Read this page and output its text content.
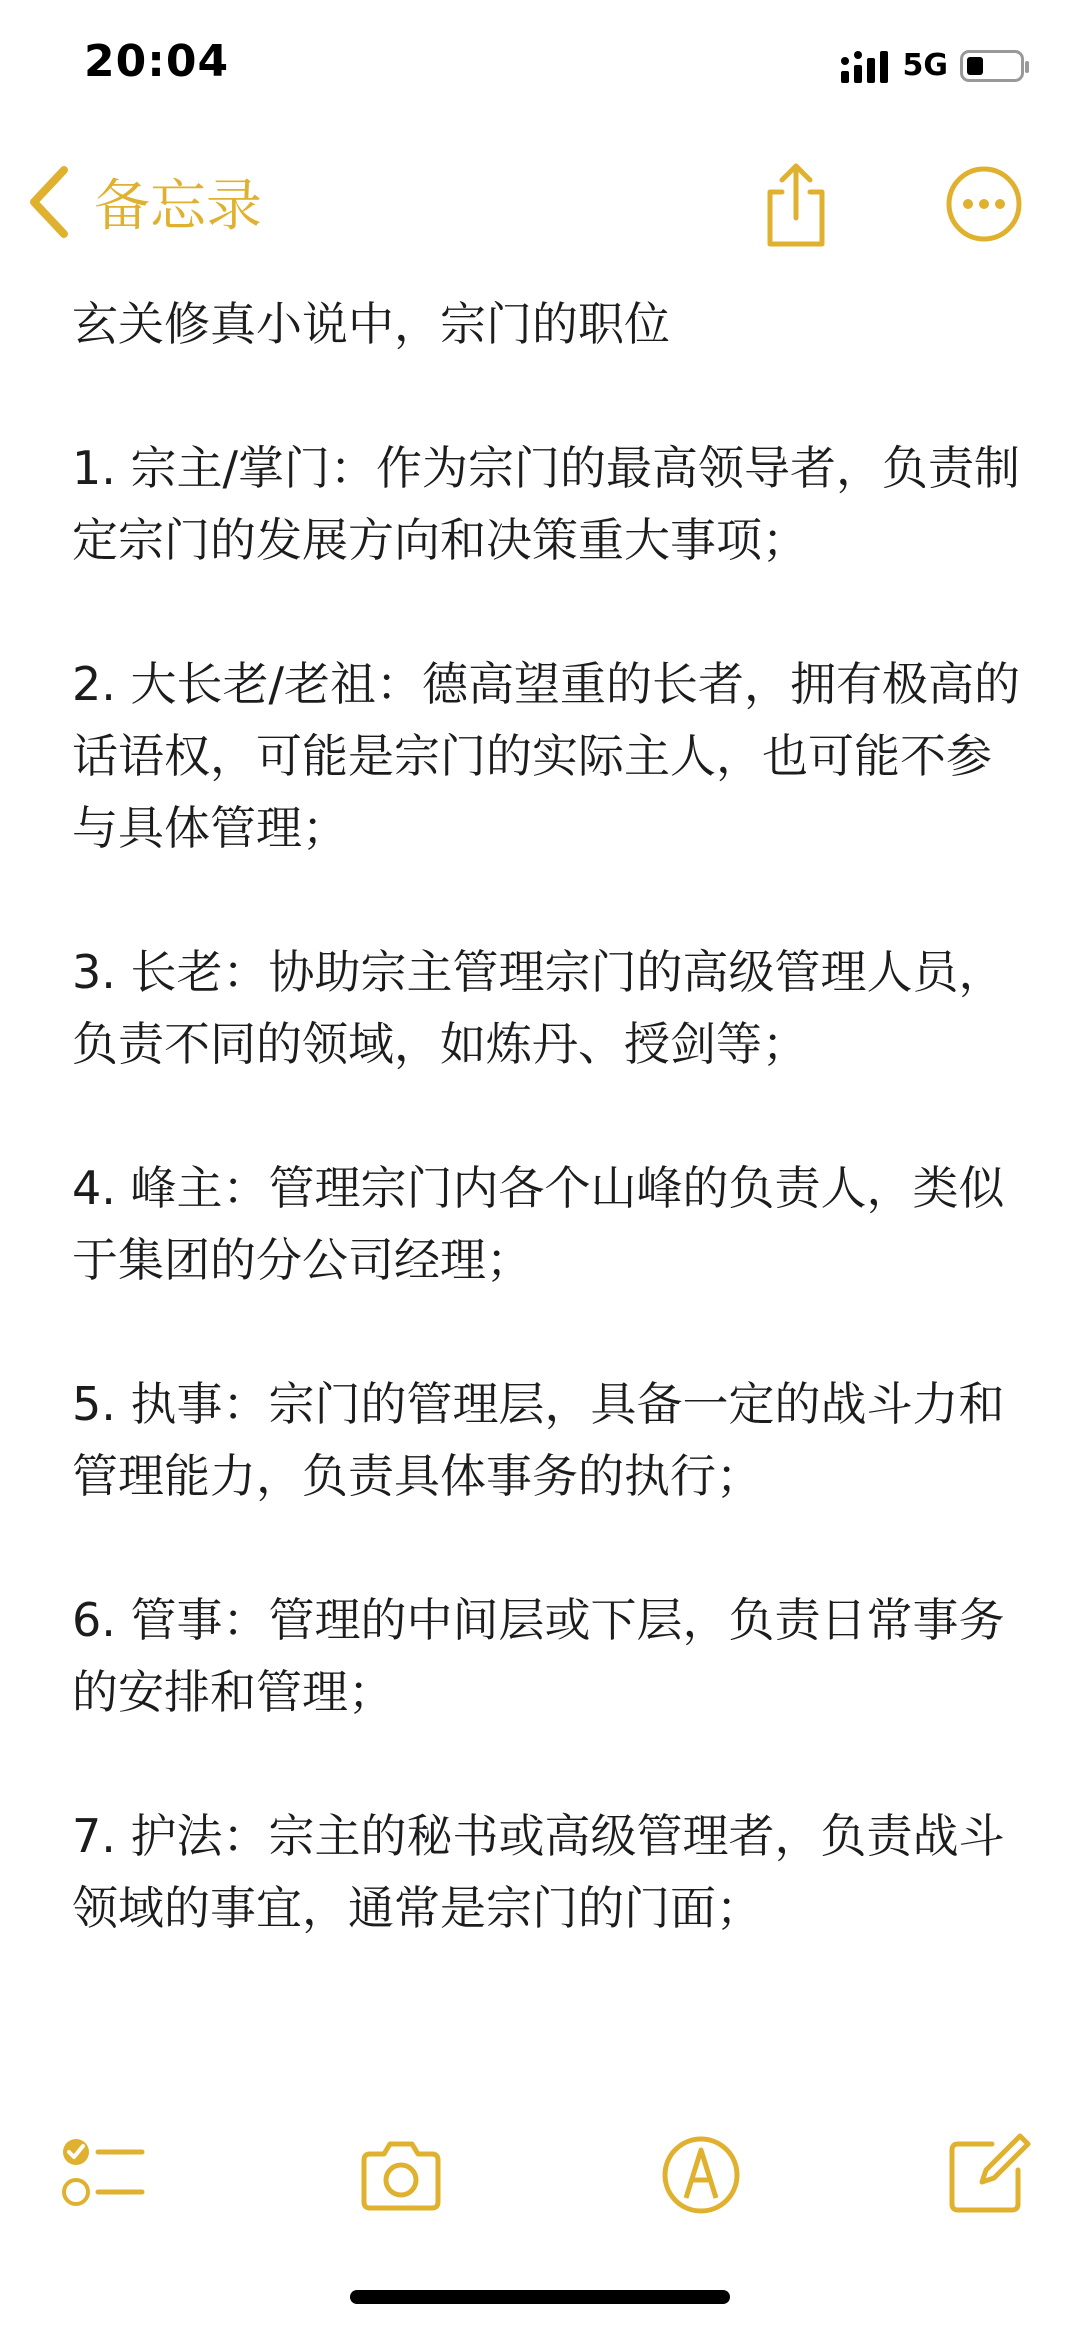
20:04	5G
备忘录
玄关修真小说中，宗门的职位
1. 宗主/掌门：作为宗门的最高领导者，负责制定宗门的发展方向和决策重大事项；
2. 大长老/老祖：德高望重的长者，拥有极高的话语权，可能是宗门的实际主人，也可能不参与具体管理；
3. 长老：协助宗主管理宗门的高级管理人员，负责不同的领域，如炼丹、授剑等；
4. 峰主：管理宗门内各个山峰的负责人，类似于集团的分公司经理；
5. 执事：宗门的管理层，具备一定的战斗力和管理能力，负责具体事务的执行；
6. 管事：管理的中间层或下层，负责日常事务的安排和管理；
7. 护法：宗主的秘书或高级管理者，负责战斗领域的事宜，通常是宗门的门面；
